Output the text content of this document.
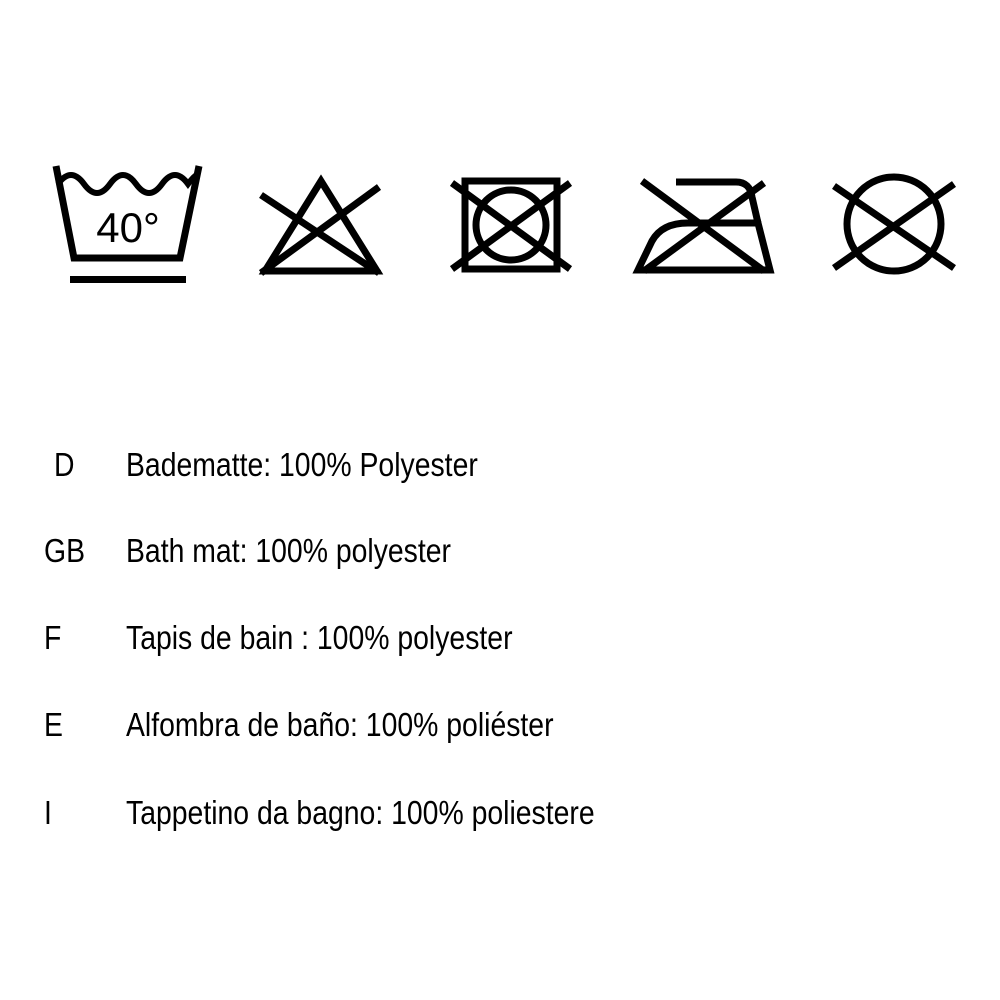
40°
D Badematte: 100% Polyester
GB Bath mat: 100% polyester
F Tapis de bain : 100% polyester
E Alfombra de baño: 100% poliéster
I Tappetino da bagno: 100% poliestere
